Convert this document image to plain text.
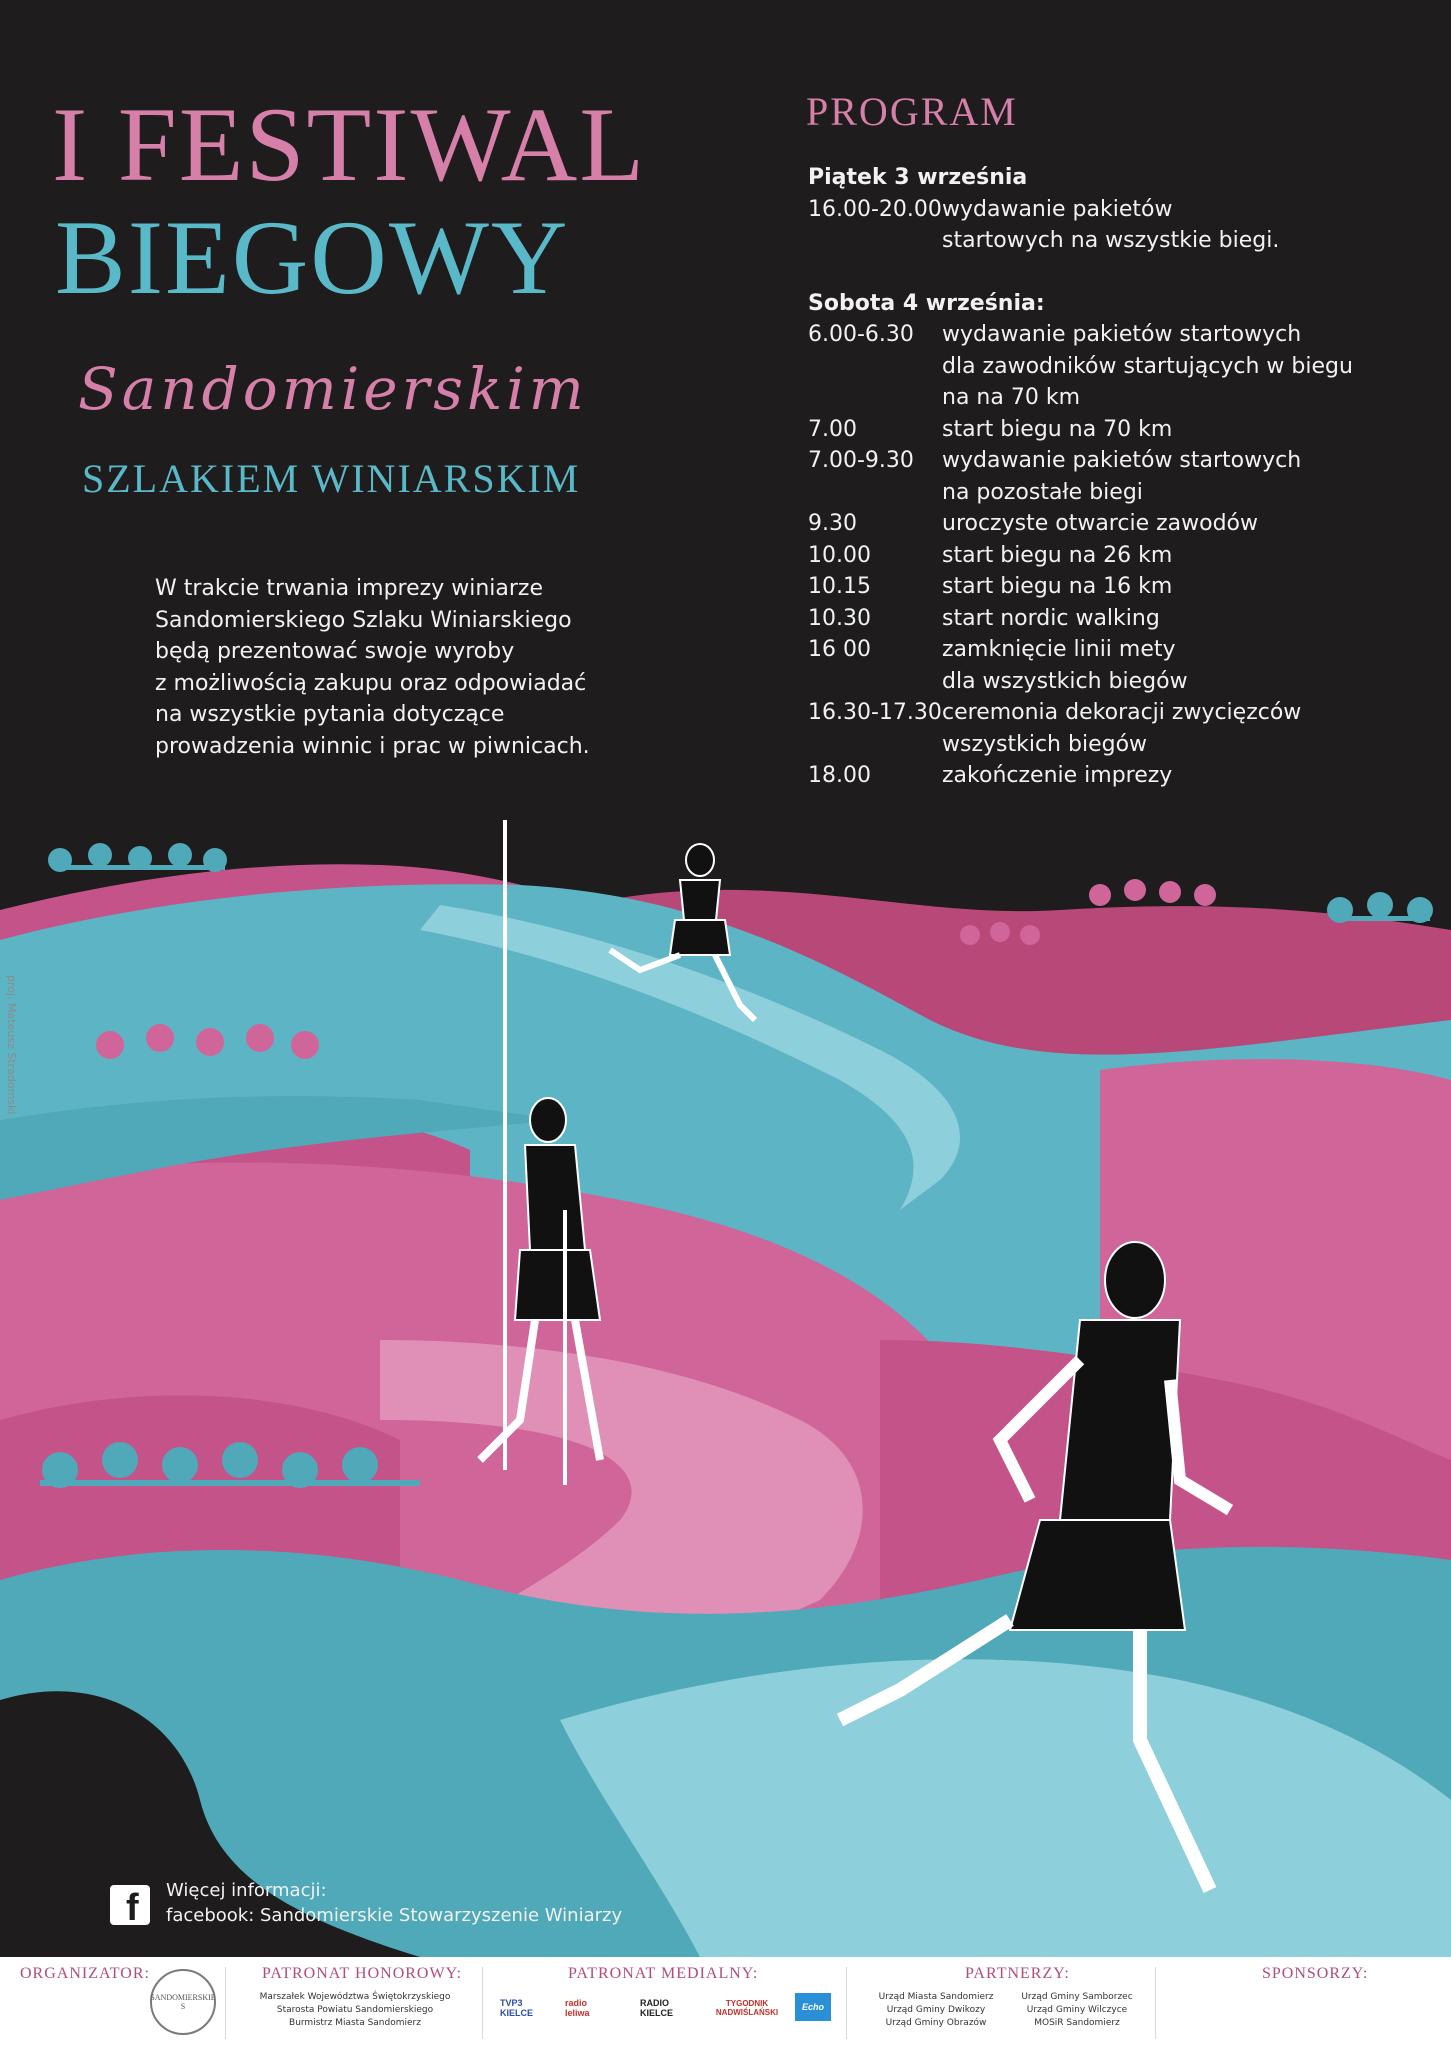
I FESTIWAL
BIEGOWY
Sandomierskim
SZLAKIEM WINIARSKIM
W trakcie trwania imprezy winiarze
Sandomierskiego Szlaku Winiarskiego
będą prezentować swoje wyroby
z możliwością zakupu oraz odpowiadać
na wszystkie pytania dotyczące
prowadzenia winnic i prac w piwnicach.
PROGRAM
Piątek 3 września
16.00-20.00 wydawanie pakietów
startowych na wszystkie biegi.
Sobota 4 września:
6.00-6.30	wydawanie pakietów startowych
dla zawodników startujących w biegu
na na 70 km
7.00	start biegu na 70 km
7.00-9.30	wydawanie pakietów startowych
na pozostałe biegi
9.30	uroczyste otwarcie zawodów
10.00	start biegu na 26 km
10.15	start biegu na 16 km
10.30	start nordic walking
16 00	zamknięcie linii mety
dla wszystkich biegów
16.30-17.30 ceremonia dekoracji zwycięzców
wszystkich biegów
18.00	zakończenie imprezy
proj. Mateusz Stradomski
f Więcej informacji:
facebook: Sandomierskie Stowarzyszenie Winiarzy
ORGANIZATOR:
SANDOMIERSKIE S
PATRONAT HONOROWY:
Marszałek Województwa Świętokrzyskiego
Starosta Powiatu Sandomierskiego
Burmistrz Miasta Sandomierz
PATRONAT MEDIALNY:
TVP3 KIELCE
radio leliwa
RADIO KIELCE
TYGODNIK NADWIŚLAŃSKI
Echo
PARTNERZY:
Urząd Miasta Sandomierz
Urząd Gminy Dwikozy
Urząd Gminy Obrazów
Urząd Gminy Samborzec
Urząd Gminy Wilczyce
MOSiR Sandomierz
SPONSORZY:
